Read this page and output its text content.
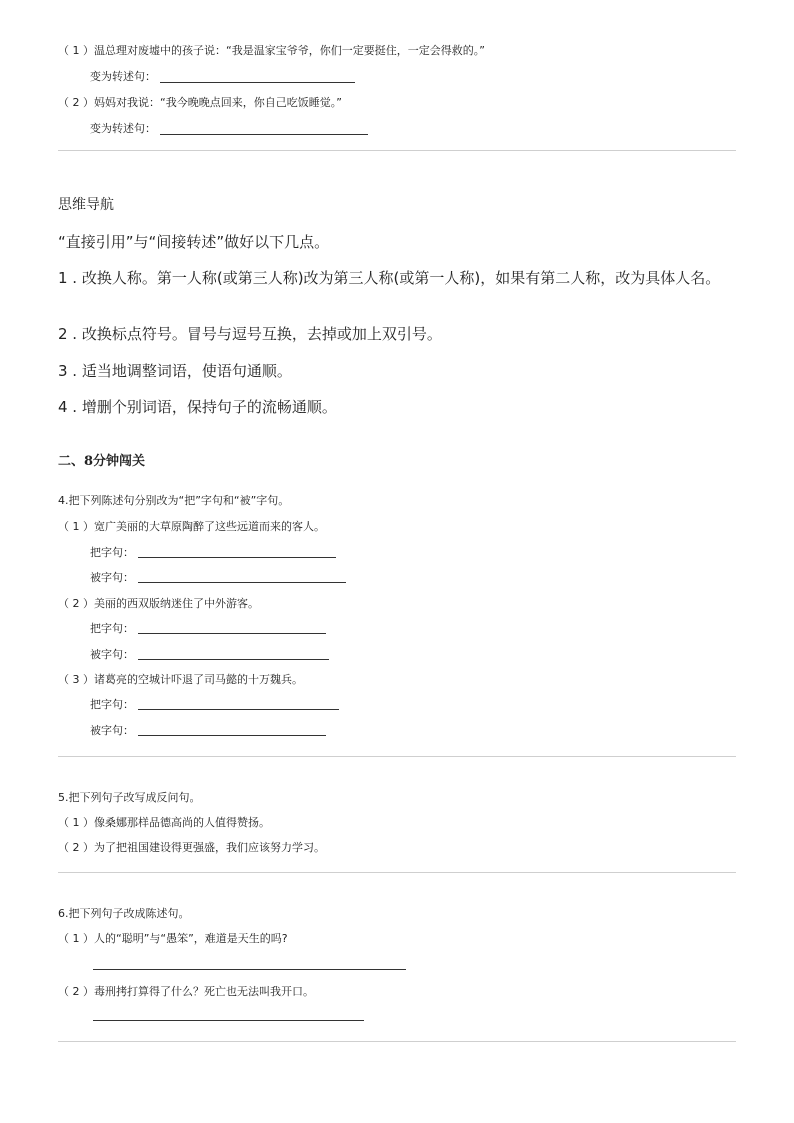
（ 1 ）温总理对废墟中的孩子说：“我是温家宝爷爷，你们一定要挺住，一定会得救的。”
变为转述句：
（ 2 ）妈妈对我说：“我今晚晚点回来，你自己吃饭睡觉。”
变为转述句：
思维导航
“直接引用”与“间接转述”做好以下几点。
1 . 改换人称。第一人称(或第三人称)改为第三人称(或第一人称)，如果有第二人称，改为具体人名。
2 . 改换标点符号。冒号与逗号互换，去掉或加上双引号。
3 . 适当地调整词语，使语句通顺。
4 . 增删个别词语，保持句子的流畅通顺。
二、8分钟闯关
4.把下列陈述句分别改为“把”字句和“被”字句。
（ 1 ）宽广美丽的大草原陶醉了这些远道而来的客人。
把字句：
被字句：
（ 2 ）美丽的西双版纳迷住了中外游客。
把字句：
被字句：
（ 3 ）诸葛亮的空城计吓退了司马懿的十万魏兵。
把字句：
被字句：
5.把下列句子改写成反问句。
（ 1 ）像桑娜那样品德高尚的人值得赞扬。
（ 2 ）为了把祖国建设得更强盛，我们应该努力学习。
6.把下列句子改成陈述句。
（ 1 ）人的“聪明”与“愚笨”，难道是天生的吗?
（ 2 ）毒刑拷打算得了什么？死亡也无法叫我开口。
